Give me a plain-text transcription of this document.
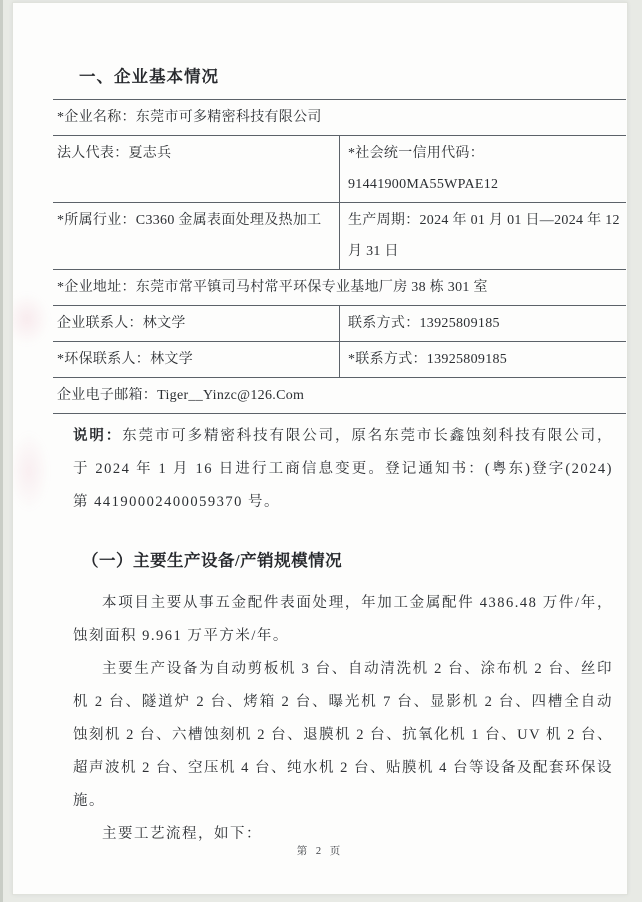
一、企业基本情况
*企业名称：东莞市可多精密科技有限公司	
法人代表：夏志兵	*社会统一信用代码：91441900MA55WPAE12
*所属行业：C3360 金属表面处理及热加工	生产周期：2024 年 01 月 01 日—2024 年 12 月 31 日
*企业地址：东莞市常平镇司马村常平环保专业基地厂房 38 栋 301 室	
企业联系人：林文学	联系方式：13925809185
*环保联系人：林文学	*联系方式：13925809185
企业电子邮箱：Tiger__Yinzc@126.Com	

说明：东莞市可多精密科技有限公司，原名东莞市长鑫蚀刻科技有限公司，于 2024 年 1 月 16 日进行工商信息变更。登记通知书：(粤东)登字(2024) 第 44190002400059370 号。

（一）主要生产设备/产销规模情况

本项目主要从事五金配件表面处理，年加工金属配件 4386.48 万件/年，蚀刻面积 9.961 万平方米/年。

主要生产设备为自动剪板机 3 台、自动清洗机 2 台、涂布机 2 台、丝印机 2 台、隧道炉 2 台、烤箱 2 台、曝光机 7 台、显影机 2 台、四槽全自动蚀刻机 2 台、六槽蚀刻机 2 台、退膜机 2 台、抗氧化机 1 台、UV 机 2 台、超声波机 2 台、空压机 4 台、纯水机 2 台、贴膜机 4 台等设备及配套环保设施。

主要工艺流程，如下：

第 2 页
